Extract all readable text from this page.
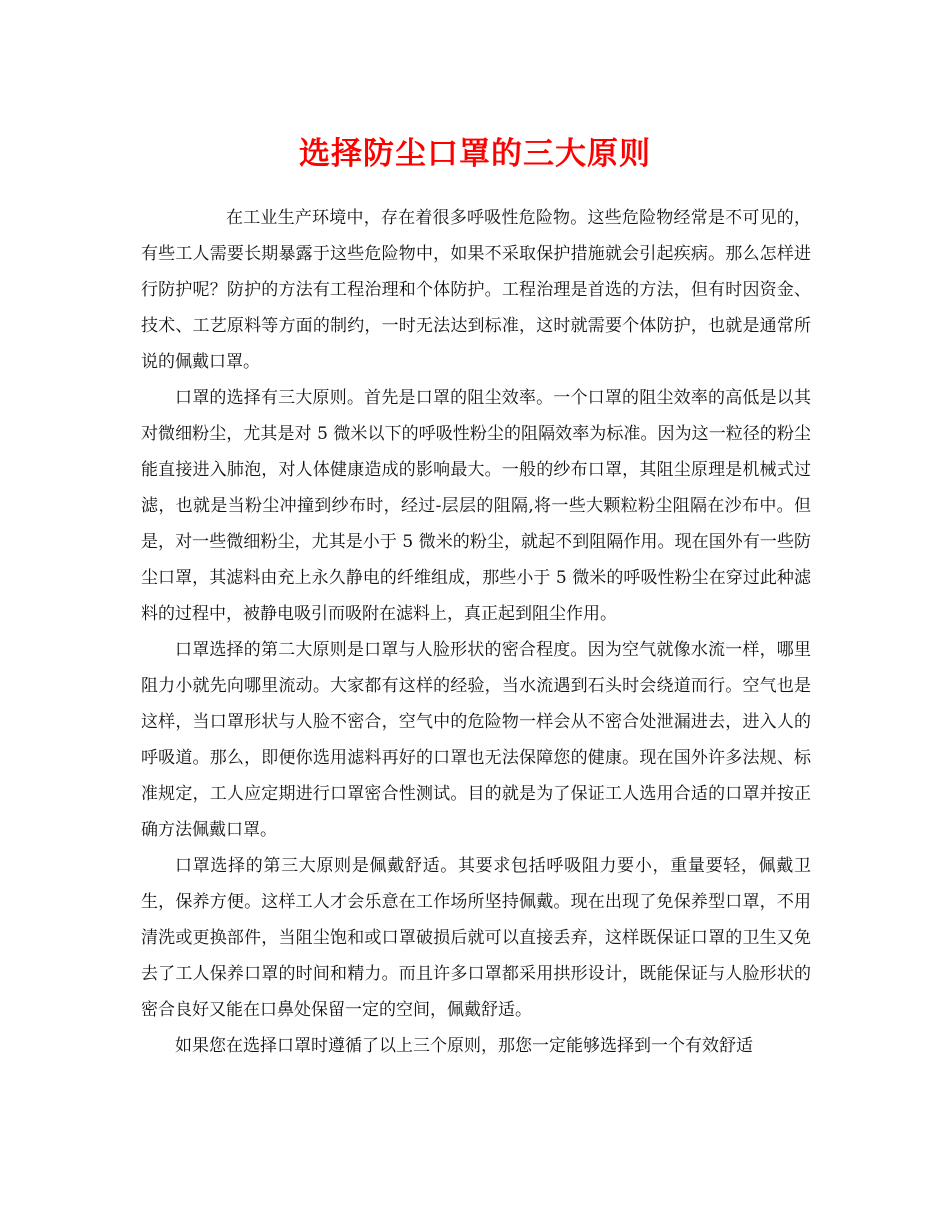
选择防尘口罩的三大原则

在工业生产环境中，存在着很多呼吸性危险物。这些危险物经常是不可见的，有些工人需要长期暴露于这些危险物中，如果不采取保护措施就会引起疾病。那么怎样进行防护呢？防护的方法有工程治理和个体防护。工程治理是首选的方法，但有时因资金、技术、工艺原料等方面的制约，一时无法达到标准，这时就需要个体防护，也就是通常所说的佩戴口罩。

口罩的选择有三大原则。首先是口罩的阻尘效率。一个口罩的阻尘效率的高低是以其对微细粉尘，尤其是对 5 微米以下的呼吸性粉尘的阻隔效率为标准。因为这一粒径的粉尘能直接进入肺泡，对人体健康造成的影响最大。一般的纱布口罩，其阻尘原理是机械式过滤，也就是当粉尘冲撞到纱布时，经过-层层的阻隔,将一些大颗粒粉尘阻隔在沙布中。但是，对一些微细粉尘，尤其是小于 5 微米的粉尘，就起不到阻隔作用。现在国外有一些防尘口罩，其滤料由充上永久静电的纤维组成，那些小于 5 微米的呼吸性粉尘在穿过此种滤料的过程中，被静电吸引而吸附在滤料上，真正起到阻尘作用。

口罩选择的第二大原则是口罩与人脸形状的密合程度。因为空气就像水流一样，哪里阻力小就先向哪里流动。大家都有这样的经验，当水流遇到石头时会绕道而行。空气也是这样，当口罩形状与人脸不密合，空气中的危险物一样会从不密合处泄漏进去，进入人的呼吸道。那么，即便你选用滤料再好的口罩也无法保障您的健康。现在国外许多法规、标准规定，工人应定期进行口罩密合性测试。目的就是为了保证工人选用合适的口罩并按正确方法佩戴口罩。

口罩选择的第三大原则是佩戴舒适。其要求包括呼吸阻力要小，重量要轻，佩戴卫生，保养方便。这样工人才会乐意在工作场所坚持佩戴。现在出现了免保养型口罩，不用清洗或更换部件，当阻尘饱和或口罩破损后就可以直接丢弃，这样既保证口罩的卫生又免去了工人保养口罩的时间和精力。而且许多口罩都采用拱形设计，既能保证与人脸形状的密合良好又能在口鼻处保留一定的空间，佩戴舒适。

如果您在选择口罩时遵循了以上三个原则，那您一定能够选择到一个有效舒适
